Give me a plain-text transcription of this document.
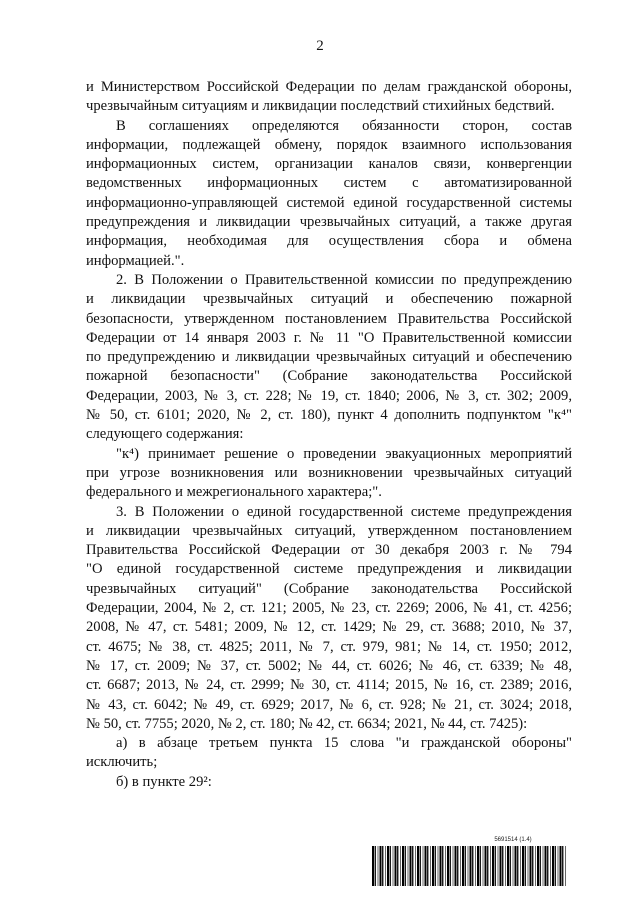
2
и Министерством Российской Федерации по делам гражданской обороны,
чрезвычайным ситуациям и ликвидации последствий стихийных бедствий.
В соглашениях определяются обязанности сторон, состав
информации, подлежащей обмену, порядок взаимного использования
информационных систем, организации каналов связи, конвергенции
ведомственных информационных систем с автоматизированной
информационно-управляющей системой единой государственной системы
предупреждения и ликвидации чрезвычайных ситуаций, а также другая
информация, необходимая для осуществления сбора и обмена
информацией.".
2. В Положении о Правительственной комиссии по предупреждению
и ликвидации чрезвычайных ситуаций и обеспечению пожарной
безопасности, утвержденном постановлением Правительства Российской
Федерации от 14 января 2003 г. № 11 "О Правительственной комиссии
по предупреждению и ликвидации чрезвычайных ситуаций и обеспечению
пожарной безопасности" (Собрание законодательства Российской
Федерации, 2003, № 3, ст. 228; № 19, ст. 1840; 2006, № 3, ст. 302; 2009,
№ 50, ст. 6101; 2020, № 2, ст. 180), пункт 4 дополнить подпунктом "к⁴"
следующего содержания:
"к⁴) принимает решение о проведении эвакуационных мероприятий
при угрозе возникновения или возникновении чрезвычайных ситуаций
федерального и межрегионального характера;".
3. В Положении о единой государственной системе предупреждения
и ликвидации чрезвычайных ситуаций, утвержденном постановлением
Правительства Российской Федерации от 30 декабря 2003 г. № 794
"О единой государственной системе предупреждения и ликвидации
чрезвычайных ситуаций" (Собрание законодательства Российской
Федерации, 2004, № 2, ст. 121; 2005, № 23, ст. 2269; 2006, № 41, ст. 4256;
2008, № 47, ст. 5481; 2009, № 12, ст. 1429; № 29, ст. 3688; 2010, № 37,
ст. 4675; № 38, ст. 4825; 2011, № 7, ст. 979, 981; № 14, ст. 1950; 2012,
№ 17, ст. 2009; № 37, ст. 5002; № 44, ст. 6026; № 46, ст. 6339; № 48,
ст. 6687; 2013, № 24, ст. 2999; № 30, ст. 4114; 2015, № 16, ст. 2389; 2016,
№ 43, ст. 6042; № 49, ст. 6929; 2017, № 6, ст. 928; № 21, ст. 3024; 2018,
№ 50, ст. 7755; 2020, № 2, ст. 180; № 42, ст. 6634; 2021, № 44, ст. 7425):
а) в абзаце третьем пункта 15 слова "и гражданской обороны"
исключить;
б) в пункте 29²:
5691514 (1.4)
